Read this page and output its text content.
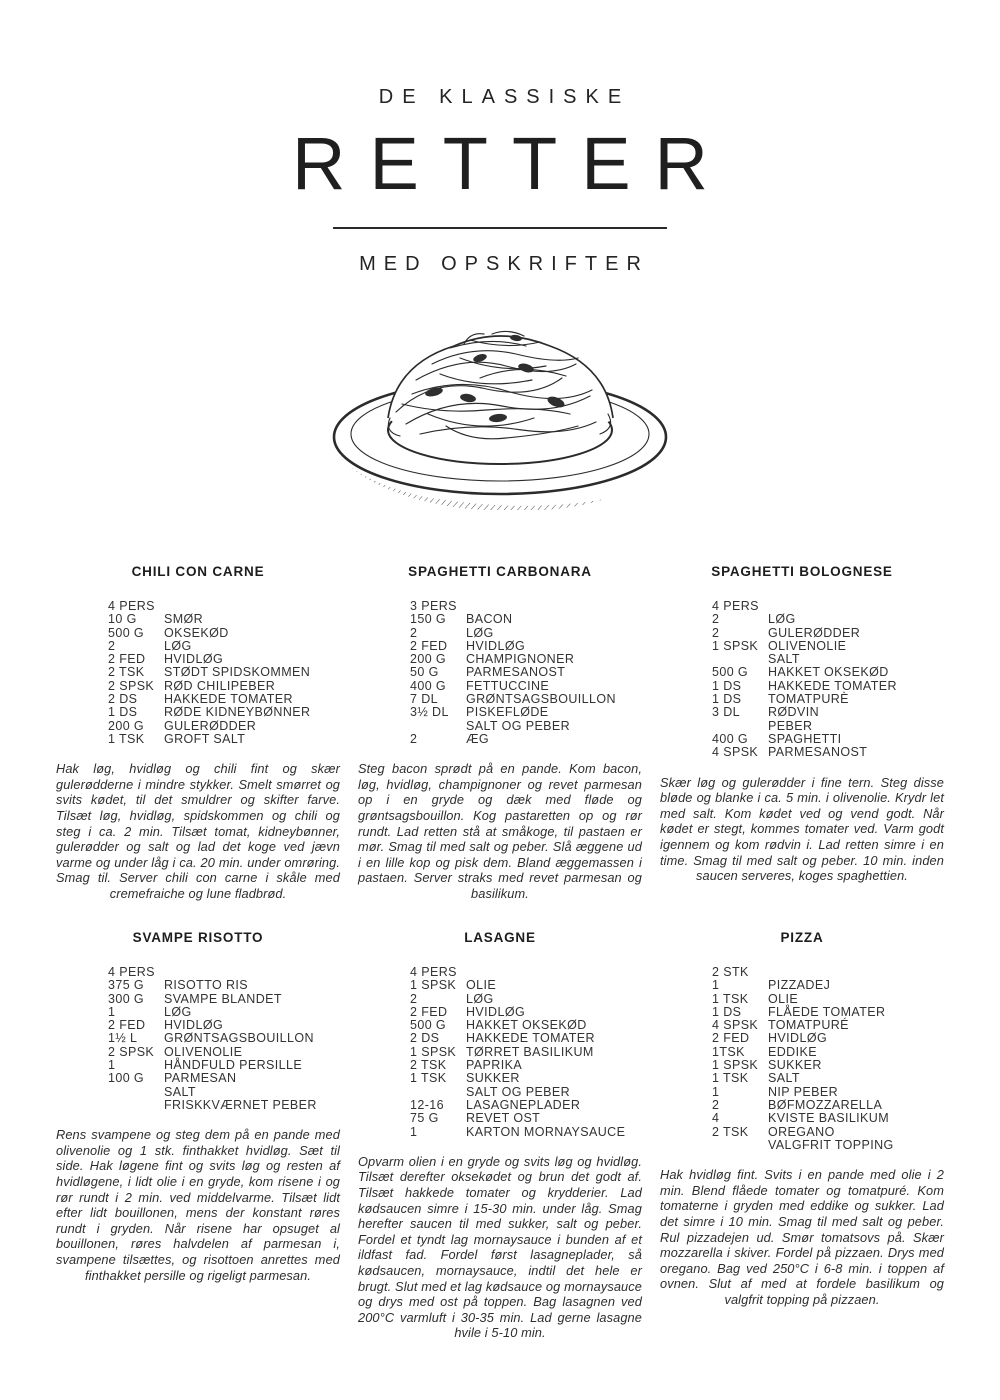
DE KLASSISKE
RETTER
MED OPSKRIFTER
CHILI CON CARNE
4 PERS
10 G	SMØR
500 G	OKSEKØD
2	LØG
2 FED	HVIDLØG
2 TSK	STØDT SPIDSKOMMEN
2 SPSK RØD CHILIPEBER
2 DS	HAKKEDE TOMATER
1 DS	RØDE KIDNEYBØNNER
200 G	GULERØDDER
1 TSK	GROFT SALT

Hak løg, hvidløg og chili fint og skær gulerødderne i mindre stykker. Smelt smørret og svits kødet, til det smuldrer og skifter farve. Tilsæt løg, hvidløg, spidskommen og chili og steg i ca. 2 min. Tilsæt tomat, kidneybønner, gulerødder og salt og lad det koge ved jævn varme og under låg i ca. 20 min. under omrøring. Smag til. Server chili con carne i skåle med cremefraiche og lune fladbrød.

SPAGHETTI CARBONARA
3 PERS
150 G	BACON
2	LØG
2 FED	HVIDLØG
200 G	CHAMPIGNONER
50 G	PARMESANOST
400 G	FETTUCCINE
7 DL	GRØNTSAGSBOUILLON
3½ DL	PISKEFLØDE
SALT OG PEBER
2	ÆG

Steg bacon sprødt på en pande. Kom bacon, løg, hvidløg, champignoner og revet parmesan op i en gryde og dæk med fløde og grøntsagsbouillon. Kog pastaretten op og rør rundt. Lad retten stå at småkoge, til pastaen er mør. Smag til med salt og peber. Slå æggene ud i en lille kop og pisk dem. Bland æggemassen i pastaen. Server straks med revet parmesan og basilikum.

SPAGHETTI BOLOGNESE
4 PERS
2	LØG
2	GULERØDDER
1 SPSK OLIVENOLIE
SALT
500 G	HAKKET OKSEKØD
1 DS	HAKKEDE TOMATER
1 DS	TOMATPURÈ
3 DL	RØDVIN
PEBER
400 G	SPAGHETTI
4 SPSK PARMESANOST

Skær løg og gulerødder i fine tern. Steg disse bløde og blanke i ca. 5 min. i olivenolie. Krydr let med salt. Kom kødet ved og vend godt. Når kødet er stegt, kommes tomater ved. Varm godt igennem og kom rødvin i. Lad retten simre i en time. Smag til med salt og peber. 10 min. inden saucen serveres, koges spaghettien.

SVAMPE RISOTTO
4 PERS
375 G	RISOTTO RIS
300 G	SVAMPE BLANDET
1	LØG
2 FED	HVIDLØG
1½ L	GRØNTSAGSBOUILLON
2 SPSK OLIVENOLIE
1	HÅNDFULD PERSILLE
100 G	PARMESAN
SALT
FRISKKVÆRNET PEBER

Rens svampene og steg dem på en pande med olivenolie og 1 stk. finthakket hvidløg. Sæt til side. Hak løgene fint og svits løg og resten af hvidløgene, i lidt olie i en gryde, kom risene i og rør rundt i 2 min. ved middelvarme. Tilsæt lidt efter lidt bouillonen, mens der konstant røres rundt i gryden. Når risene har opsuget al bouillonen, røres halvdelen af parmesan i, svampene tilsættes, og risottoen anrettes med finthakket persille og rigeligt parmesan.

LASAGNE
4 PERS
1 SPSK OLIE
2	LØG
2 FED	HVIDLØG
500 G	HAKKET OKSEKØD
2 DS	HAKKEDE TOMATER
1 SPSK TØRRET BASILIKUM
2 TSK	PAPRIKA
1 TSK	SUKKER
SALT OG PEBER
12-16	LASAGNEPLADER
75 G	REVET OST
1	KARTON MORNAYSAUCE

Opvarm olien i en gryde og svits løg og hvidløg. Tilsæt derefter oksekødet og brun det godt af. Tilsæt hakkede tomater og krydderier. Lad kødsaucen simre i 15-30 min. under låg. Smag herefter saucen til med sukker, salt og peber. Fordel et tyndt lag mornaysauce i bunden af et ildfast fad. Fordel først lasagneplader, så kødsaucen, mornaysauce, indtil det hele er brugt. Slut med et lag kødsauce og mornaysauce og drys med ost på toppen. Bag lasagnen ved 200°C varmluft i 30-35 min. Lad gerne lasagne hvile i 5-10 min.

PIZZA
2 STK
1	PIZZADEJ
1 TSK	OLIE
1 DS	FLÅEDE TOMATER
4 SPSK TOMATPURÉ
2 FED	HVIDLØG
1TSK	EDDIKE
1 SPSK SUKKER
1 TSK	SALT
1	NIP PEBER
2	BØFMOZZARELLA
4	KVISTE BASILIKUM
2 TSK	OREGANO
VALGFRIT TOPPING

Hak hvidløg fint. Svits i en pande med olie i 2 min. Blend flåede tomater og tomatpuré. Kom tomaterne i gryden med eddike og sukker. Lad det simre i 10 min. Smag til med salt og peber. Rul pizzadejen ud. Smør tomatsovs på. Skær mozzarella i skiver. Fordel på pizzaen. Drys med oregano. Bag ved 250°C i 6-8 min. i toppen af ovnen. Slut af med at fordele basilikum og valgfrit topping på pizzaen.
